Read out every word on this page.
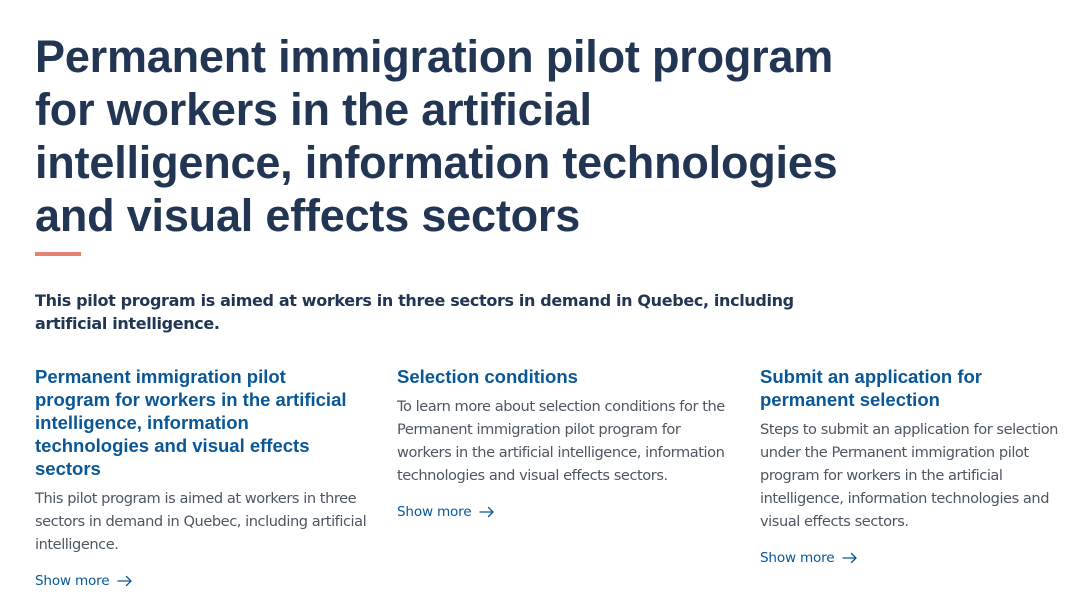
Permanent immigration pilot program for workers in the artificial intelligence, information technologies and visual effects sectors

This pilot program is aimed at workers in three sectors in demand in Quebec, including artificial intelligence.

Permanent immigration pilot program for workers in the artificial intelligence, information technologies and visual effects sectors

This pilot program is aimed at workers in three sectors in demand in Quebec, including artificial intelligence.

Show more
Selection conditions

To learn more about selection conditions for the Permanent immigration pilot program for workers in the artificial intelligence, information technologies and visual effects sectors.

Show more
Submit an application for permanent selection

Steps to submit an application for selection under the Permanent immigration pilot program for workers in the artificial intelligence, information technologies and visual effects sectors.

Show more
